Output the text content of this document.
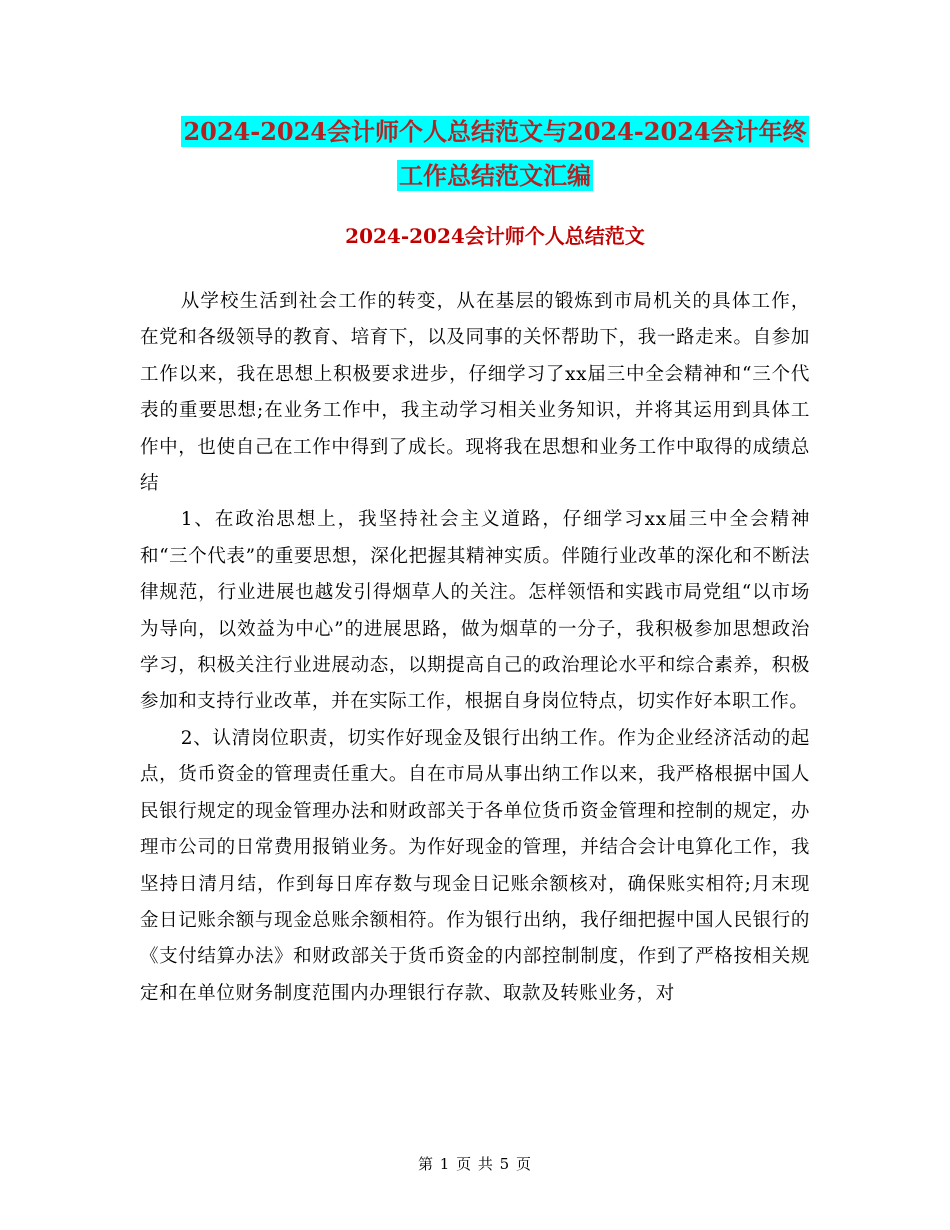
2024-2024会计师个人总结范文与2024-2024会计年终
工作总结范文汇编
2024-2024会计师个人总结范文

从学校生活到社会工作的转变，从在基层的锻炼到市局机关的具体工作，在党和各级领导的教育、培育下，以及同事的关怀帮助下，我一路走来。自参加工作以来，我在思想上积极要求进步，仔细学习了xx届三中全会精神和“三个代表的重要思想;在业务工作中，我主动学习相关业务知识，并将其运用到具体工作中，也使自己在工作中得到了成长。现将我在思想和业务工作中取得的成绩总结

1、在政治思想上，我坚持社会主义道路，仔细学习xx届三中全会精神和“三个代表”的重要思想，深化把握其精神实质。伴随行业改革的深化和不断法律规范，行业进展也越发引得烟草人的关注。怎样领悟和实践市局党组“以市场为导向，以效益为中心”的进展思路，做为烟草的一分子，我积极参加思想政治学习，积极关注行业进展动态，以期提高自己的政治理论水平和综合素养，积极参加和支持行业改革，并在实际工作，根据自身岗位特点，切实作好本职工作。

2、认清岗位职责，切实作好现金及银行出纳工作。作为企业经济活动的起点，货币资金的管理责任重大。自在市局从事出纳工作以来，我严格根据中国人民银行规定的现金管理办法和财政部关于各单位货币资金管理和控制的规定，办理市公司的日常费用报销业务。为作好现金的管理，并结合会计电算化工作，我坚持日清月结，作到每日库存数与现金日记账余额核对，确保账实相符;月末现金日记账余额与现金总账余额相符。作为银行出纳，我仔细把握中国人民银行的《支付结算办法》和财政部关于货币资金的内部控制制度，作到了严格按相关规定和在单位财务制度范围内办理银行存款、取款及转账业务，对

第 1 页 共 5 页
